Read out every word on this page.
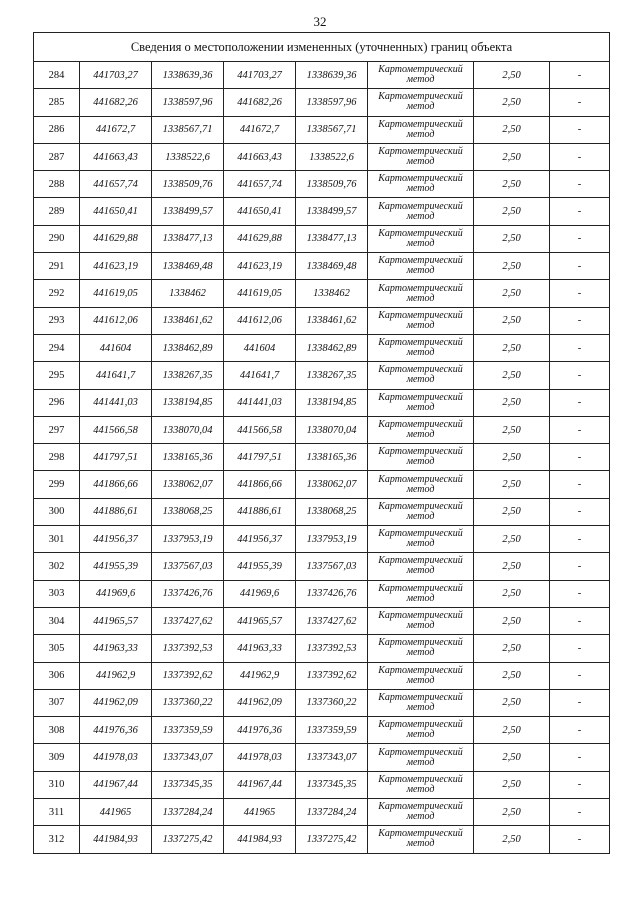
32
Сведения о местоположении измененных (уточненных) границ объекта							
284	441703,27	1338639,36	441703,27	1338639,36	Картометрический метод	2,50	-
285	441682,26	1338597,96	441682,26	1338597,96	Картометрический метод	2,50	-
286	441672,7	1338567,71	441672,7	1338567,71	Картометрический метод	2,50	-
287	441663,43	1338522,6	441663,43	1338522,6	Картометрический метод	2,50	-
288	441657,74	1338509,76	441657,74	1338509,76	Картометрический метод	2,50	-
289	441650,41	1338499,57	441650,41	1338499,57	Картометрический метод	2,50	-
290	441629,88	1338477,13	441629,88	1338477,13	Картометрический метод	2,50	-
291	441623,19	1338469,48	441623,19	1338469,48	Картометрический метод	2,50	-
292	441619,05	1338462	441619,05	1338462	Картометрический метод	2,50	-
293	441612,06	1338461,62	441612,06	1338461,62	Картометрический метод	2,50	-
294	441604	1338462,89	441604	1338462,89	Картометрический метод	2,50	-
295	441641,7	1338267,35	441641,7	1338267,35	Картометрический метод	2,50	-
296	441441,03	1338194,85	441441,03	1338194,85	Картометрический метод	2,50	-
297	441566,58	1338070,04	441566,58	1338070,04	Картометрический метод	2,50	-
298	441797,51	1338165,36	441797,51	1338165,36	Картометрический метод	2,50	-
299	441866,66	1338062,07	441866,66	1338062,07	Картометрический метод	2,50	-
300	441886,61	1338068,25	441886,61	1338068,25	Картометрический метод	2,50	-
301	441956,37	1337953,19	441956,37	1337953,19	Картометрический метод	2,50	-
302	441955,39	1337567,03	441955,39	1337567,03	Картометрический метод	2,50	-
303	441969,6	1337426,76	441969,6	1337426,76	Картометрический метод	2,50	-
304	441965,57	1337427,62	441965,57	1337427,62	Картометрический метод	2,50	-
305	441963,33	1337392,53	441963,33	1337392,53	Картометрический метод	2,50	-
306	441962,9	1337392,62	441962,9	1337392,62	Картометрический метод	2,50	-
307	441962,09	1337360,22	441962,09	1337360,22	Картометрический метод	2,50	-
308	441976,36	1337359,59	441976,36	1337359,59	Картометрический метод	2,50	-
309	441978,03	1337343,07	441978,03	1337343,07	Картометрический метод	2,50	-
310	441967,44	1337345,35	441967,44	1337345,35	Картометрический метод	2,50	-
311	441965	1337284,24	441965	1337284,24	Картометрический метод	2,50	-
312	441984,93	1337275,42	441984,93	1337275,42	Картометрический метод	2,50	-
